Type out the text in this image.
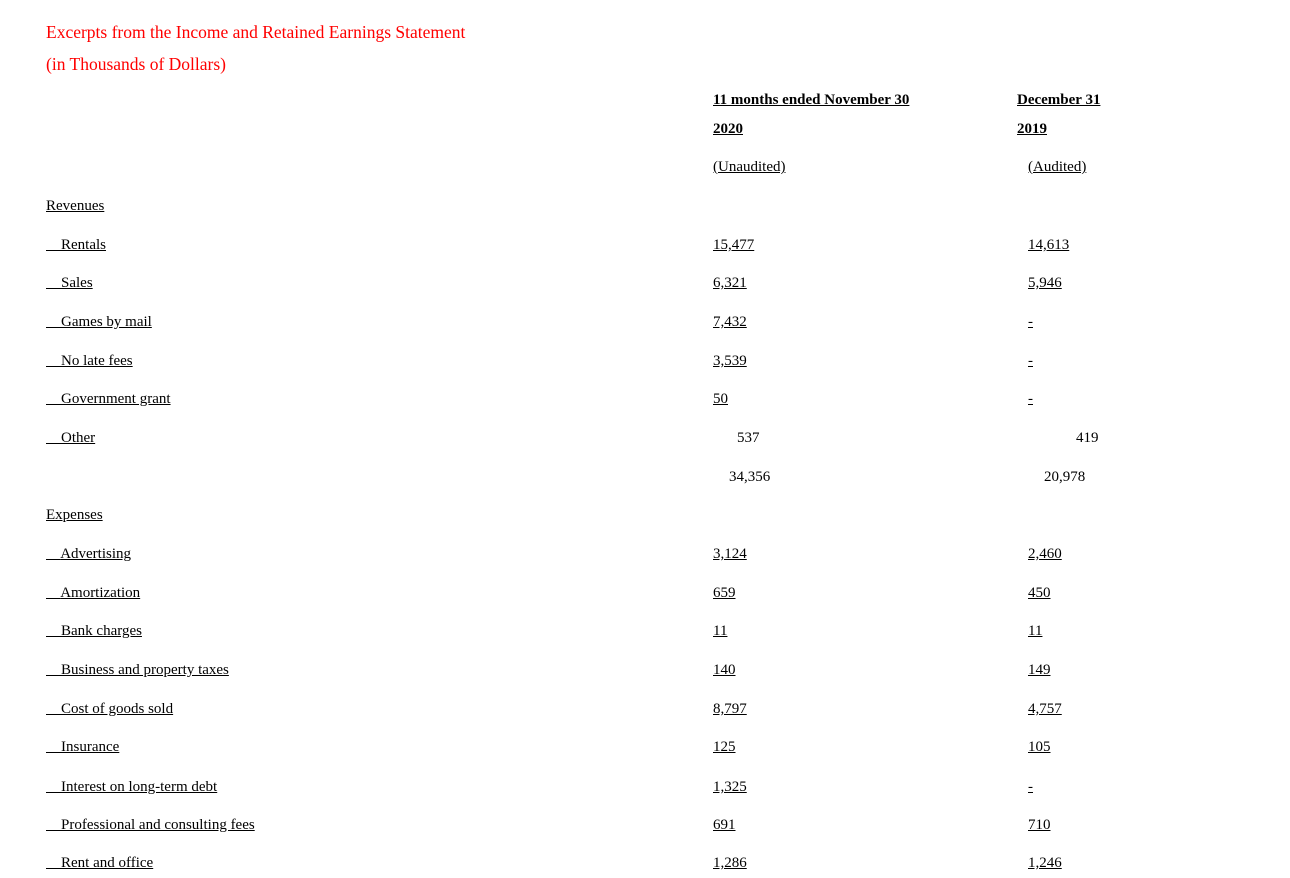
Excerpts from the Income and Retained Earnings Statement
(in Thousands of Dollars)
11 months ended November 30
2020
(Unaudited)
December 31
2019
(Audited)
Revenues
Rentals	15,477	14,613
Sales	6,321	5,946
Games by mail	7,432	-
No late fees	3,539	-
Government grant	50	-
Other	537	419
34,356	20,978
Expenses
Advertising	3,124	2,460
Amortization	659	450
Bank charges	11	11
Business and property taxes	140	149
Cost of goods sold	8,797	4,757
Insurance	125	105
Interest on long-term debt	1,325	-
Professional and consulting fees	691	710
Rent and office	1,286	1,246
